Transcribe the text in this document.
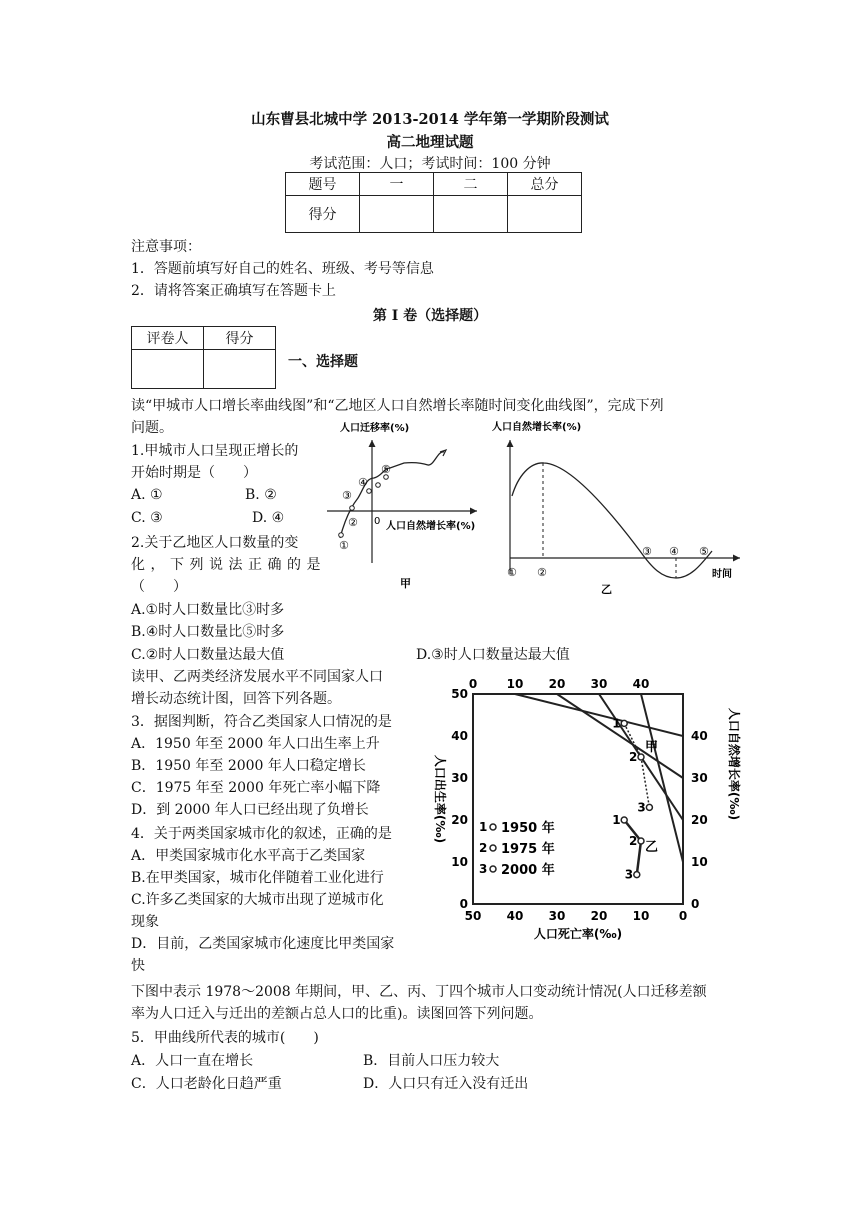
山东曹县北城中学 2013-2014 学年第一学期阶段测试
高二地理试题
考试范围：人口；考试时间：100 分钟
题号	一	二	总分
得分			
注意事项：
1．答题前填写好自己的姓名、班级、考号等信息
2．请将答案正确填写在答题卡上
第 I 卷（选择题）
评卷人	得分

一、选择题
读“甲城市人口增长率曲线图”和“乙地区人口自然增长率随时间变化曲线图”，完成下列
问题。
1.甲城市人口呈现正增长的
开始时期是（　　）
A. ①	B. ②
C. ③	D. ④
2.关于乙地区人口数量的变
化，下列说法正确的是
（　　）
A.①时人口数量比③时多
B.④时人口数量比⑤时多
C.②时人口数量达最大值	D.③时人口数量达最大值
人口迁移率(%)
0 人口自然增长率(%)
①
②
③
④
⑤
甲
人口自然增长率(%)
① ②
③ ④ ⑤
时间
乙
读甲、乙两类经济发展水平不同国家人口
增长动态统计图，回答下列各题。
3．据图判断，符合乙类国家人口情况的是
A．1950 年至 2000 年人口出生率上升
B．1950 年至 2000 年人口稳定增长
C．1975 年至 2000 年死亡率小幅下降
D．到 2000 年人口已经出现了负增长
4．关于两类国家城市化的叙述，正确的是
A．甲类国家城市化水平高于乙类国家
B.在甲类国家，城市化伴随着工业化进行
C.许多乙类国家的大城市出现了逆城市化
现象
D．目前，乙类国家城市化速度比甲类国家
快
50 40 30 20 10 0
0
10
20
30
40
50
0 10 20 30 40
0
10
20
30
40
人口死亡率(‰)
人口出生率(‰)	人口自然增长率(‰)
1
2
3
甲
1
2
3
乙
1 1950 年
2 1975 年
3 2000 年
下图中表示 1978～2008 年期间，甲、乙、丙、丁四个城市人口变动统计情况(人口迁移差额
率为人口迁入与迁出的差额占总人口的比重)。读图回答下列问题。
5．甲曲线所代表的城市(　　)
A．人口一直在增长	B．目前人口压力较大
C．人口老龄化日趋严重	D．人口只有迁入没有迁出
